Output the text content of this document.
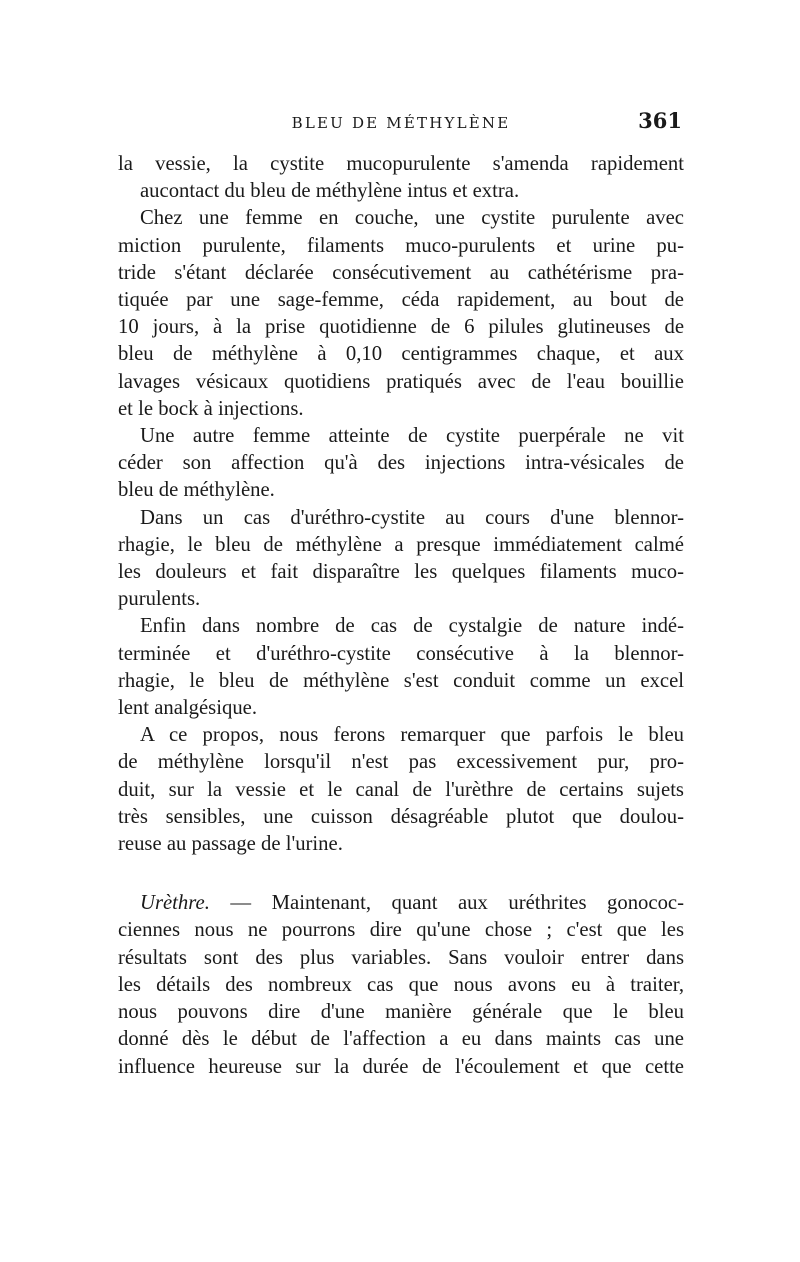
BLEU DE MÉTHYLÈNE	361

la vessie, la cystite mucopurulente s'amenda rapidement
aucontact du bleu de méthylène intus et extra.

Chez une femme en couche, une cystite purulente avec
miction purulente, filaments muco-purulents et urine pu-
tride s'étant déclarée consécutivement au cathétérisme pra-
tiquée par une sage-femme, céda rapidement, au bout de
10 jours, à la prise quotidienne de 6 pilules glutineuses de
bleu de méthylène à 0,10 centigrammes chaque, et aux
lavages vésicaux quotidiens pratiqués avec de l'eau bouillie
et le bock à injections.

Une autre femme atteinte de cystite puerpérale ne vit
céder son affection qu'à des injections intra-vésicales de
bleu de méthylène.

Dans un cas d'uréthro-cystite au cours d'une blennor-
rhagie, le bleu de méthylène a presque immédiatement calmé
les douleurs et fait disparaître les quelques filaments muco-
purulents.

Enfin dans nombre de cas de cystalgie de nature indé-
terminée et d'uréthro-cystite consécutive à la blennor-
rhagie, le bleu de méthylène s'est conduit comme un excel
lent analgésique.

A ce propos, nous ferons remarquer que parfois le bleu
de méthylène lorsqu'il n'est pas excessivement pur, pro-
duit, sur la vessie et le canal de l'urèthre de certains sujets
très sensibles, une cuisson désagréable plutot que doulou-
reuse au passage de l'urine.

Urèthre. — Maintenant, quant aux uréthrites gonococ-
ciennes nous ne pourrons dire qu'une chose ; c'est que les
résultats sont des plus variables. Sans vouloir entrer dans
les détails des nombreux cas que nous avons eu à traiter,
nous pouvons dire d'une manière générale que le bleu
donné dès le début de l'affection a eu dans maints cas une
influence heureuse sur la durée de l'écoulement et que cette
